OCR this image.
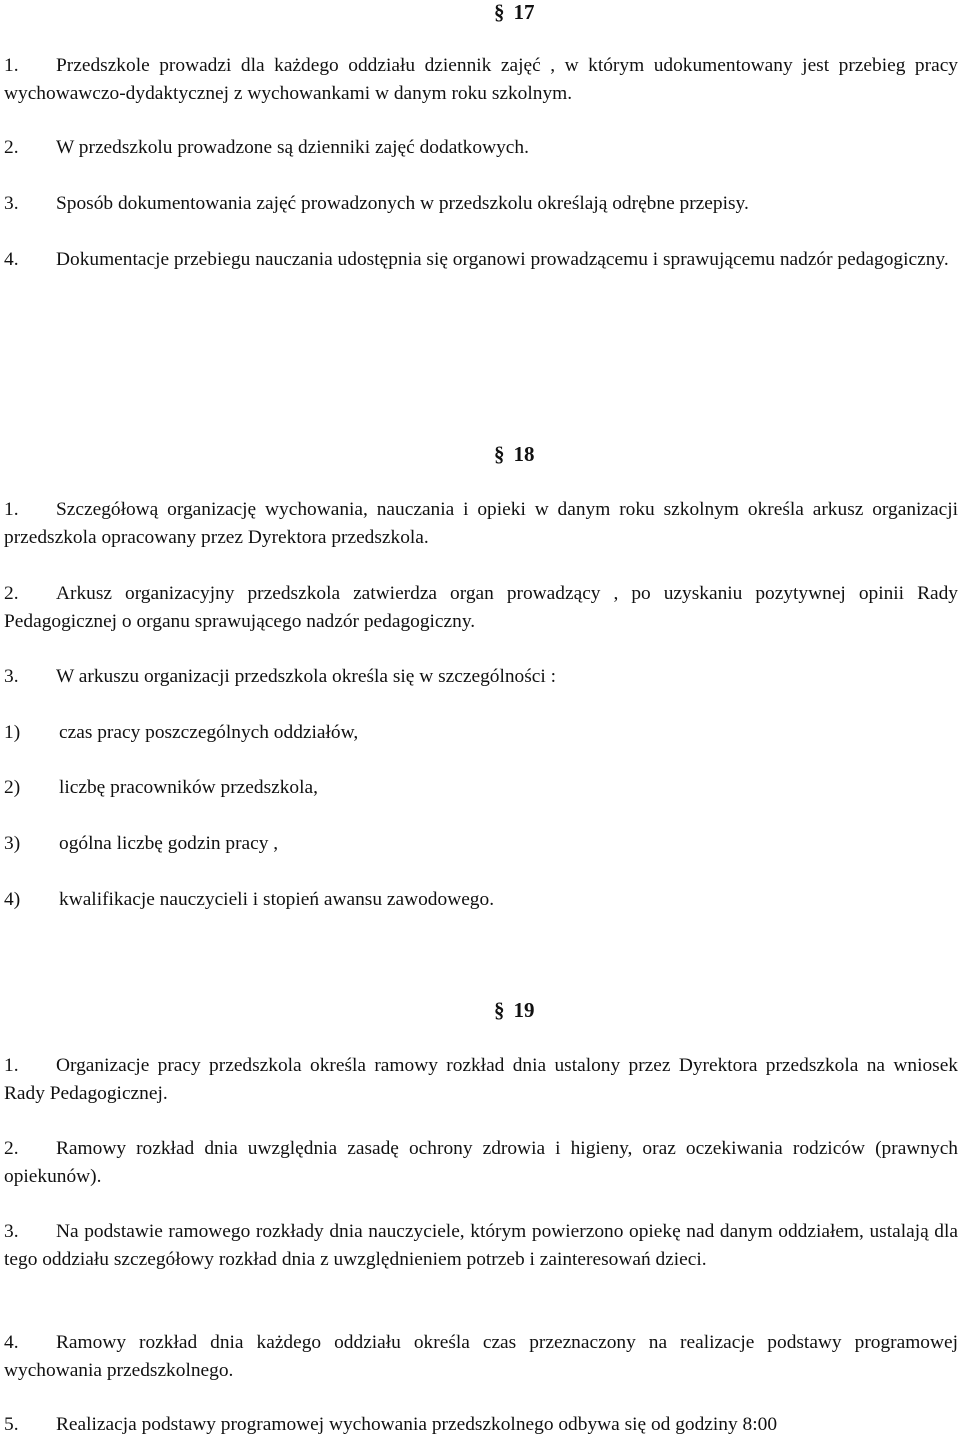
§ 17

1. Przedszkole prowadzi dla każdego oddziału dziennik zajęć , w którym udokumentowany jest przebieg pracy wychowawczo-dydaktycznej z wychowankami w danym roku szkolnym.

2. W przedszkolu prowadzone są dzienniki zajęć dodatkowych.

3. Sposób dokumentowania zajęć prowadzonych w przedszkolu określają odrębne przepisy.

4. Dokumentacje przebiegu nauczania udostępnia się organowi prowadzącemu i sprawującemu nadzór pedagogiczny.

§ 18

1. Szczegółową organizację wychowania, nauczania i opieki w danym roku szkolnym określa arkusz organizacji przedszkola opracowany przez Dyrektora przedszkola.

2. Arkusz organizacyjny przedszkola zatwierdza organ prowadzący , po uzyskaniu pozytywnej opinii Rady Pedagogicznej o organu sprawującego nadzór pedagogiczny.

3. W arkuszu organizacji przedszkola określa się w szczególności :

1) czas pracy poszczególnych oddziałów,
2) liczbę pracowników przedszkola,
3) ogólna liczbę godzin pracy ,
4) kwalifikacje nauczycieli i stopień awansu zawodowego.
§ 19

1. Organizacje pracy przedszkola określa ramowy rozkład dnia ustalony przez Dyrektora przedszkola na wniosek Rady Pedagogicznej.

2. Ramowy rozkład dnia uwzględnia zasadę ochrony zdrowia i higieny, oraz oczekiwania rodziców (prawnych opiekunów).

3. Na podstawie ramowego rozkłady dnia nauczyciele, którym powierzono opiekę nad danym oddziałem, ustalają dla tego oddziału szczegółowy rozkład dnia z uwzględnieniem potrzeb i zainteresowań dzieci.

4. Ramowy rozkład dnia każdego oddziału określa czas przeznaczony na realizacje podstawy programowej wychowania przedszkolnego.

5. Realizacja podstawy programowej wychowania przedszkolnego odbywa się od godziny 8:00
